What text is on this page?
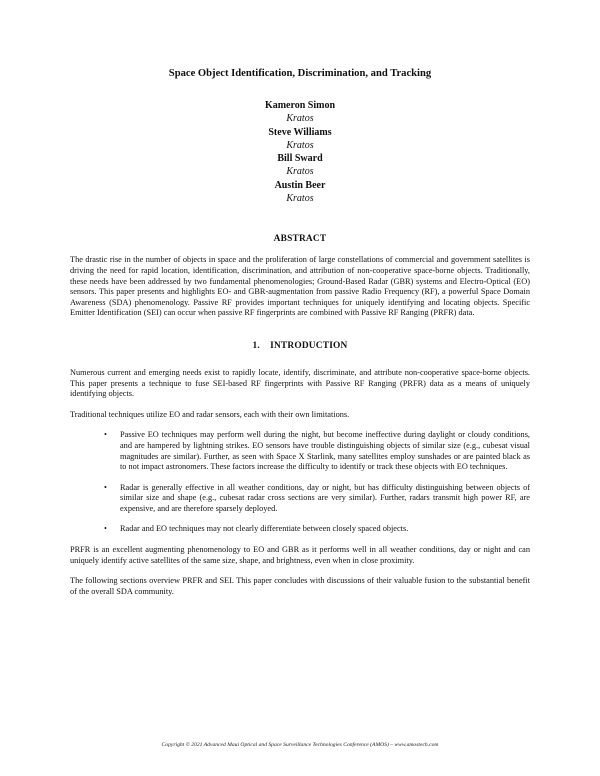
Space Object Identification, Discrimination, and Tracking
Kameron Simon
Kratos
Steve Williams
Kratos
Bill Sward
Kratos
Austin Beer
Kratos
ABSTRACT

The drastic rise in the number of objects in space and the proliferation of large constellations of commercial and government satellites is driving the need for rapid location, identification, discrimination, and attribution of non-cooperative space-borne objects. Traditionally, these needs have been addressed by two fundamental phenomenologies; Ground-Based Radar (GBR) systems and Electro-Optical (EO) sensors. This paper presents and highlights EO- and GBR-augmentation from passive Radio Frequency (RF), a powerful Space Domain Awareness (SDA) phenomenology. Passive RF provides important techniques for uniquely identifying and locating objects. Specific Emitter Identification (SEI) can occur when passive RF fingerprints are combined with Passive RF Ranging (PRFR) data.

1.    INTRODUCTION

Numerous current and emerging needs exist to rapidly locate, identify, discriminate, and attribute non-cooperative space-borne objects. This paper presents a technique to fuse SEI-based RF fingerprints with Passive RF Ranging (PRFR) data as a means of uniquely identifying objects.

Traditional techniques utilize EO and radar sensors, each with their own limitations.

• Passive EO techniques may perform well during the night, but become ineffective during daylight or cloudy conditions, and are hampered by lightning strikes. EO sensors have trouble distinguishing objects of similar size (e.g., cubesat visual magnitudes are similar). Further, as seen with Space X Starlink, many satellites employ sunshades or are painted black as to not impact astronomers. These factors increase the difficulty to identify or track these objects with EO techniques.
• Radar is generally effective in all weather conditions, day or night, but has difficulty distinguishing between objects of similar size and shape (e.g., cubesat radar cross sections are very similar). Further, radars transmit high power RF, are expensive, and are therefore sparsely deployed.
• Radar and EO techniques may not clearly differentiate between closely spaced objects.

PRFR is an excellent augmenting phenomenology to EO and GBR as it performs well in all weather conditions, day or night and can uniquely identify active satellites of the same size, shape, and brightness, even when in close proximity.

The following sections overview PRFR and SEI. This paper concludes with discussions of their valuable fusion to the substantial benefit of the overall SDA community.

Copyright © 2021 Advanced Maui Optical and Space Surveillance Technologies Conference (AMOS) – www.amostech.com
